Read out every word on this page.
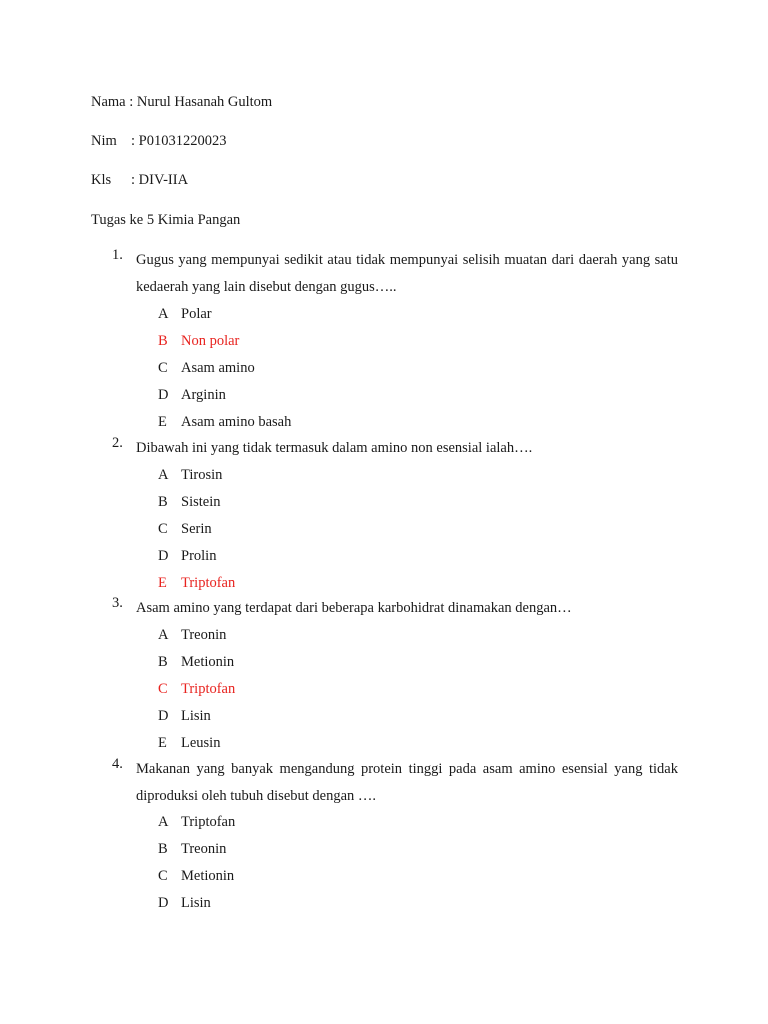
Nama : Nurul Hasanah Gultom
Nim : P01031220023
Kls : DIV-IIA
Tugas ke 5 Kimia Pangan
1. Gugus yang mempunyai sedikit atau tidak mempunyai selisih muatan dari daerah yang satu kedaerah yang lain disebut dengan gugus…..
A Polar
B Non polar
C Asam amino
D Arginin
E Asam amino basah
2. Dibawah ini yang tidak termasuk dalam amino non esensial ialah….
A Tirosin
B Sistein
C Serin
D Prolin
E Triptofan
3. Asam amino yang terdapat dari beberapa karbohidrat dinamakan dengan…
A Treonin
B Metionin
C Triptofan
D Lisin
E Leusin
4. Makanan yang banyak mengandung protein tinggi pada asam amino esensial yang tidak diproduksi oleh tubuh disebut dengan ….
A Triptofan
B Treonin
C Metionin
D Lisin
